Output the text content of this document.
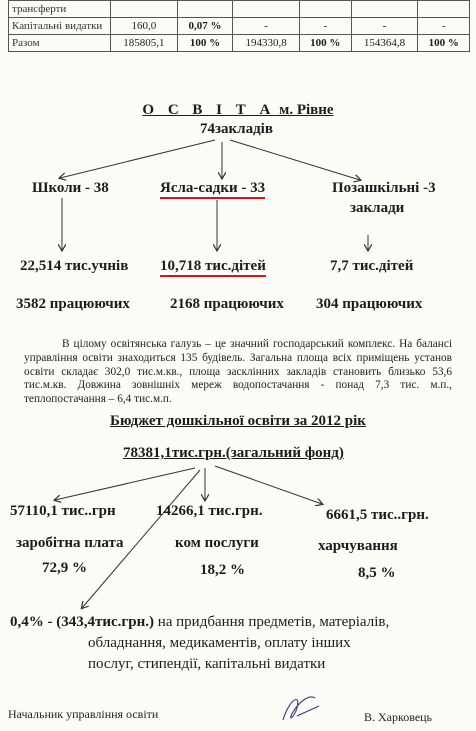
трансферти						
Капітальні видатки	160,0	0,07 %	-	-	-	-
Разом	185805,1	100 %	194330,8	100 %	154364,8	100 %
О С В І Т А м. Рівне
74закладів
Школи - 38	Ясла-садки - 33	Позашкільні -3
заклади
22,514 тис.учнів 10,718 тис.дітей	7,7 тис.дітей
3582 працюючих	2168 працюючих 304 працюючих
В цілому освітянська галузь – це значний господарський комплекс. На балансі управління освіти знаходиться 135 будівель. Загальна площа всіх приміщень установ освіти складає 302,0 тис.м.кв., площа засклінних закладів становить близько 53,6 тис.м.кв. Довжина зовнішніх мереж водопостачання - понад 7,3 тис. м.п., теплопостачання – 6,4 тис.м.п.
Бюджет дошкільної освіти за 2012 рік
78381,1тис.грн.(загальний фонд)
57110,1 тис..грн
заробітна плата
72,9 %
14266,1 тис.грн.
ком послуги
18,2 %
6661,5 тис..грн.
харчування
8,5 %
0,4% - (343,4тис.грн.) на придбання предметів, матеріалів,
обладнання, медикаментів, оплату інших
послуг, стипендії, капітальні видатки
Начальник управління освіти	В. Харковець
